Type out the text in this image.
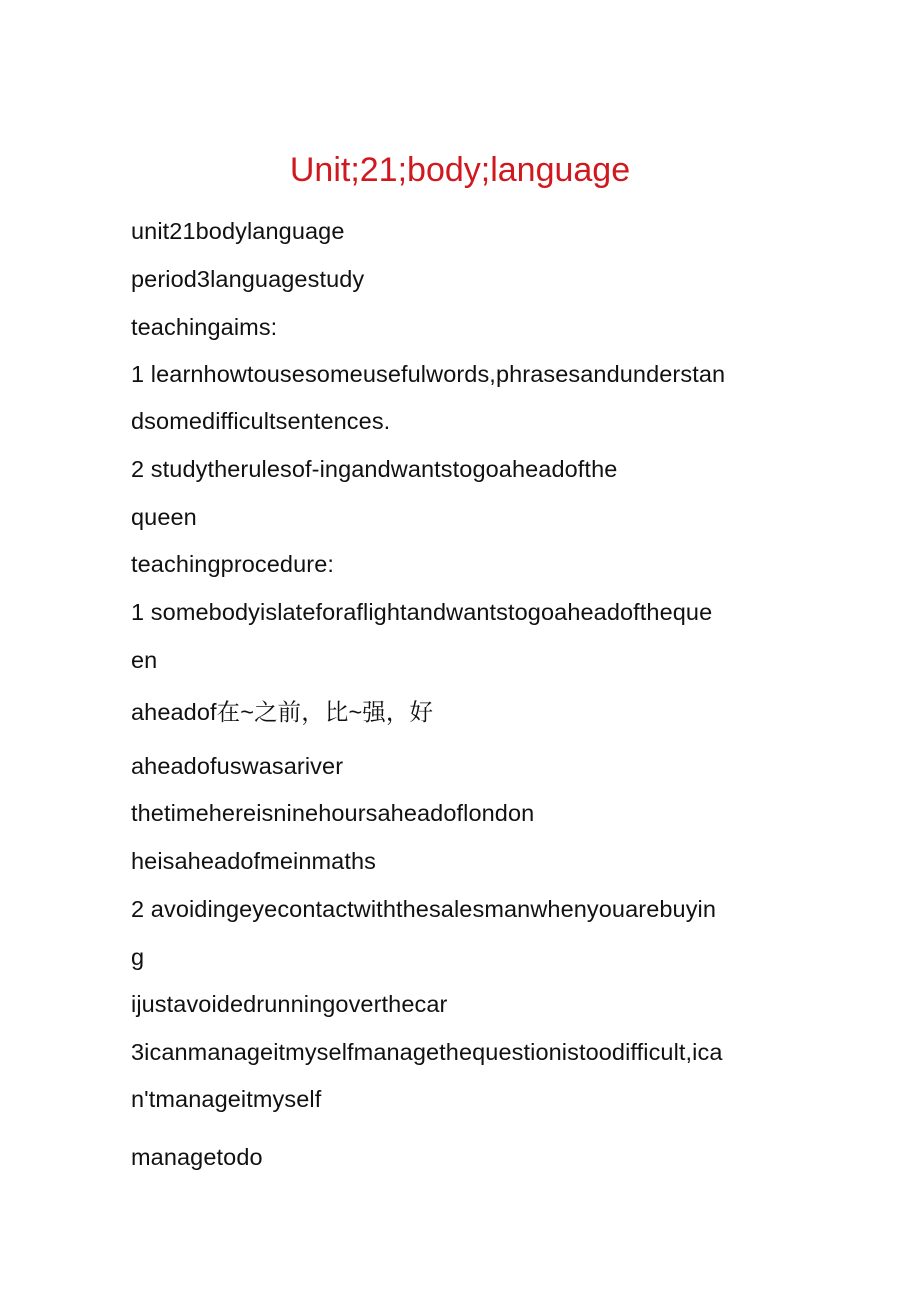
Unit;21;body;language

unit21bodylanguage

period3languagestudy

teachingaims:

1 learnhowtousesomeusefulwords,phrasesandunderstan

dsomedifficultsentences.

2 studytherulesof-ingandwantstogoaheadofthe

queen

teachingprocedure:

1 somebodyislateforaflightandwantstogoaheadoftheque

en

aheadof在~之前，比~强，好

aheadofuswasariver

thetimehereisninehoursaheadoflondon

heisaheadofmeinmaths

2 avoidingeyecontactwiththesalesmanwhenyouarebuyin

g

ijustavoidedrunningoverthecar

3icanmanageitmyselfmanagethequestionistoodifficult,ica

n'tmanageitmyself

managetodo
